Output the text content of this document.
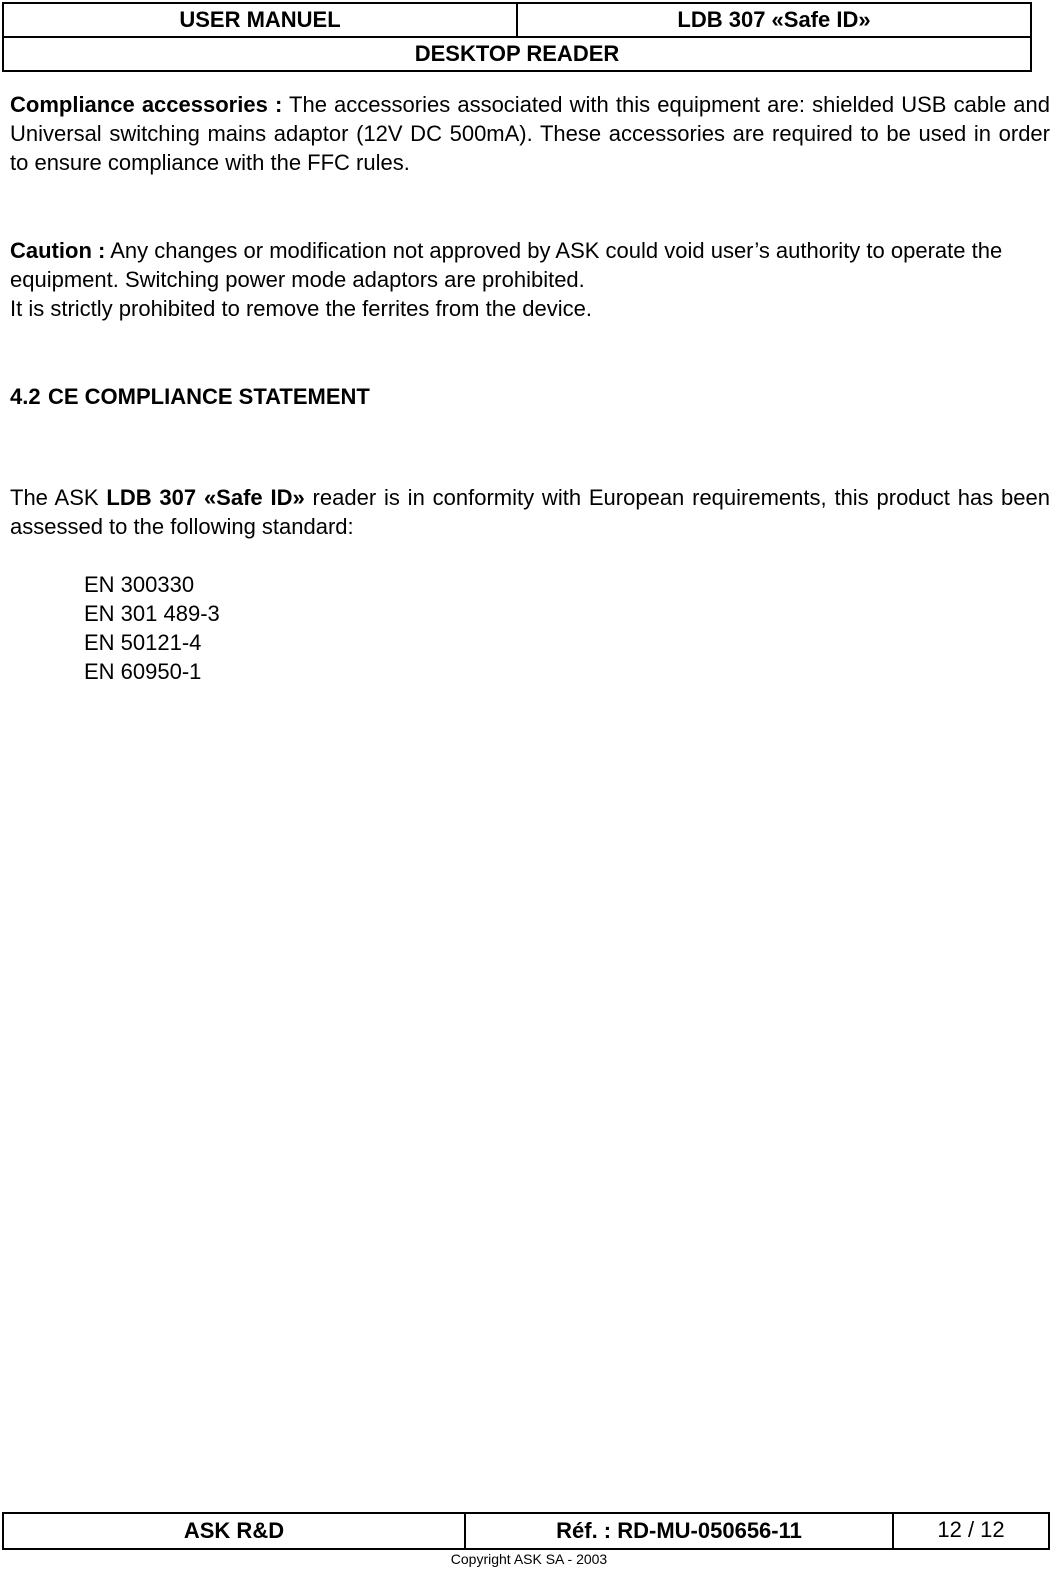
USER MANUEL	LDB 307 «Safe ID»
DESKTOP READER

Compliance accessories : The accessories associated with this equipment are: shielded USB cable and Universal switching mains adaptor (12V DC 500mA). These accessories are required to be used in order to ensure compliance with the FFC rules.

Caution : Any changes or modification not approved by ASK could void user’s authority to operate the equipment. Switching power mode adaptors are prohibited.
It is strictly prohibited to remove the ferrites from the device.

4.2 CE COMPLIANCE STATEMENT

The ASK LDB 307 «Safe ID» reader is in conformity with European requirements, this product has been assessed to the following standard:

EN 300330
EN 301 489-3
EN 50121-4
EN 60950-1
ASK R&D	Réf. : RD-MU-050656-11	12 / 12
Copyright ASK SA - 2003
